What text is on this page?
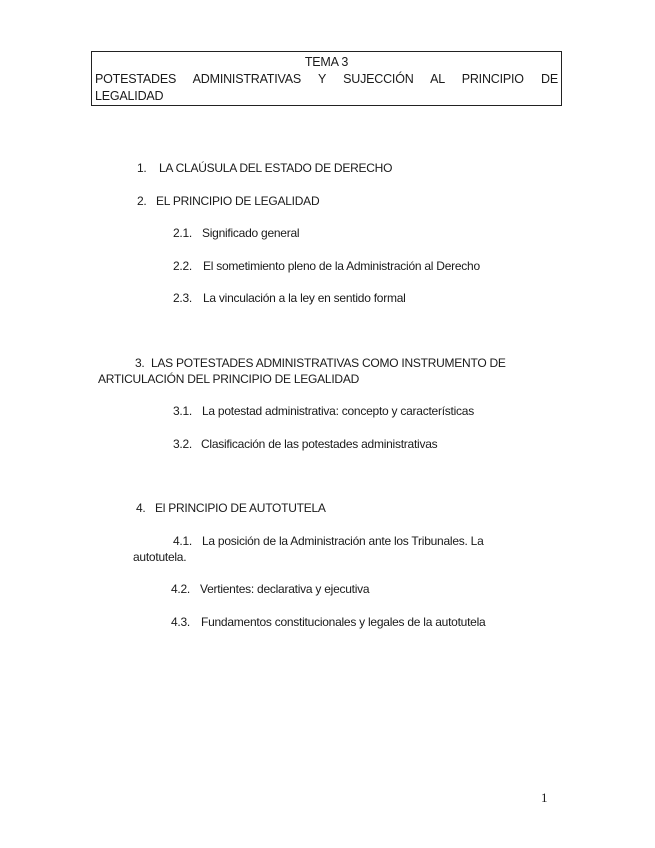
TEMA 3
POTESTADES ADMINISTRATIVAS Y SUJECCIÓN AL PRINCIPIO DE
LEGALIDAD
1. LA CLAÚSULA DEL ESTADO DE DERECHO
2. EL PRINCIPIO DE LEGALIDAD
2.1. Significado general
2.2. El sometimiento pleno de la Administración al Derecho
2.3. La vinculación a la ley en sentido formal
3. LAS POTESTADES ADMINISTRATIVAS COMO INSTRUMENTO DE
ARTICULACIÓN DEL PRINCIPIO DE LEGALIDAD
3.1. La potestad administrativa: concepto y características
3.2. Clasificación de las potestades administrativas
4. El PRINCIPIO DE AUTOTUTELA
4.1. La posición de la Administración ante los Tribunales. La
autotutela.
4.2. Vertientes: declarativa y ejecutiva
4.3. Fundamentos constitucionales y legales de la autotutela
1
